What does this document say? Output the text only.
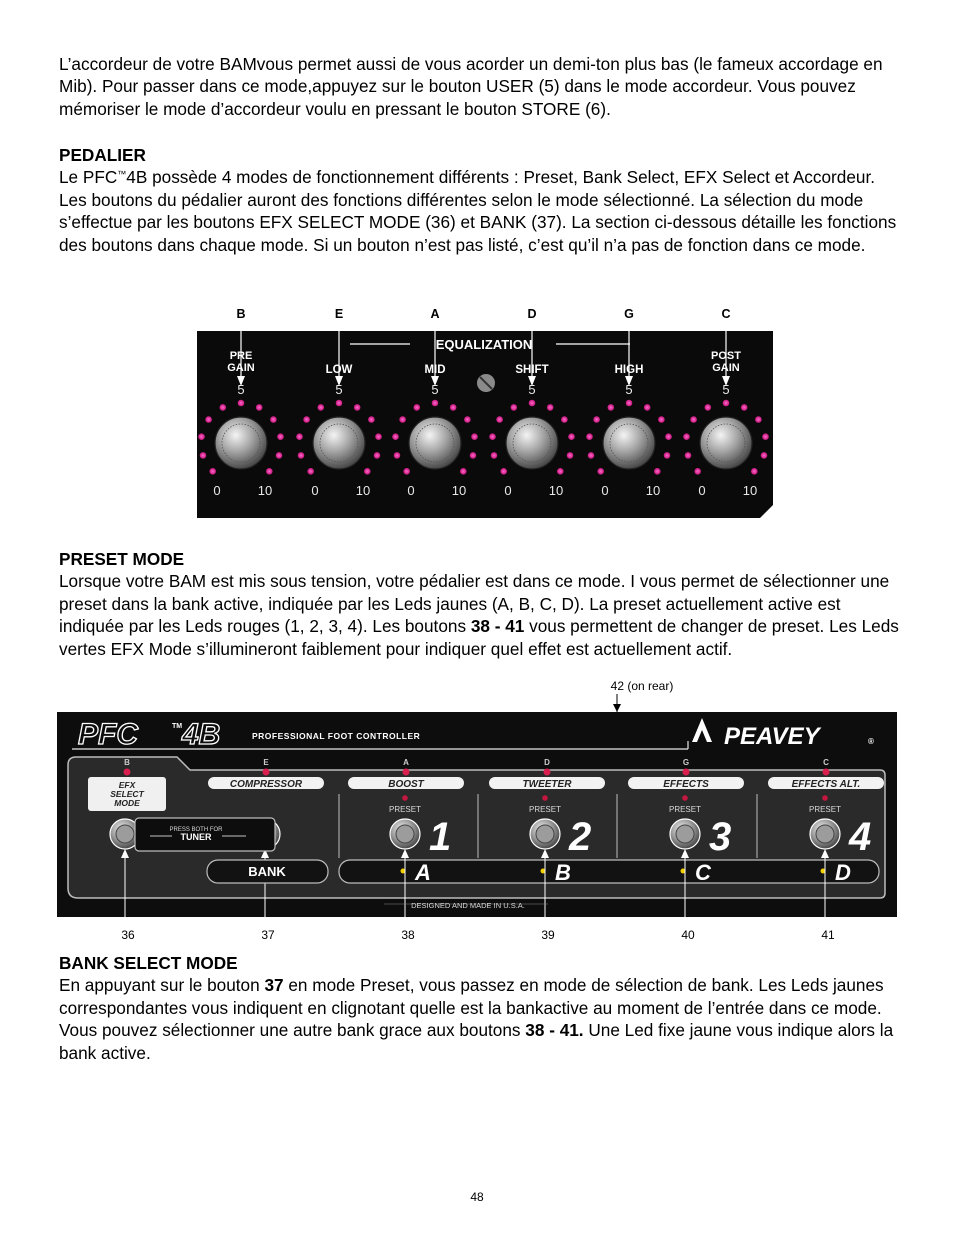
L’accordeur de votre BAMvous permet aussi de vous acorder un demi-ton plus bas (le fameux accordage en Mib). Pour passer dans ce mode,appuyez sur le bouton USER (5) dans le mode accordeur. Vous pouvez mémoriser le mode d’accordeur voulu en pressant le bouton STORE (6).

PEDALIER
Le PFC™4B possède 4 modes de fonctionnement différents : Preset, Bank Select, EFX Select et Accordeur. Les boutons du pédalier auront des fonctions différentes selon le mode sélectionné. La sélection du mode s’effectue par les boutons EFX SELECT MODE (36) et BANK (37). La section ci-dessous détaille les fonctions des boutons dans chaque mode. Si un bouton n’est pas listé, c’est qu’il n’a pas de fonction dans ce mode.

B	E	A	D	G	C
PRE
GAIN
5
0	10
LOW
5
0	10
MID
5
0	10
SHIFT
5
0	10
HIGH
5
0	10
POST
GAIN
5
0	10
EQUALIZATION

PRESET MODE
Lorsque votre BAM est mis sous tension, votre pédalier est dans ce mode. I vous permet de sélectionner une preset dans la bank active, indiquée par les Leds jaunes (A, B, C, D). La preset actuellement active est indiquée par les Leds rouges (1, 2, 3, 4). Les boutons 38 - 41 vous permettent de changer de preset. Les Leds vertes EFX Mode s’illumineront faiblement pour indiquer quel effet est actuellement actif.

42 (on rear)
PFC	TM 4B	PROFESSIONAL FOOT CONTROLLER	PEAVEY	®
B
EFX
SELECT
MODE
E
COMPRESSOR
A
BOOST
D
TWEETER
G
EFFECTS
C
EFFECTS ALT.
PRESET
1
A
PRESET
2
B
PRESET
3
C
PRESET
4
D
36	37	38	39	40	41
PRESS BOTH FOR
TUNER
BANK
DESIGNED AND MADE IN U.S.A.

BANK SELECT MODE
En appuyant sur le bouton 37 en mode Preset, vous passez en mode de sélection de bank. Les Leds jaunes correspondantes vous indiquent en clignotant quelle est la bankactive au moment de l’entrée dans ce mode. Vous pouvez sélectionner une autre bank grace aux boutons 38 - 41. Une Led fixe jaune vous indique alors la bank active.

48
